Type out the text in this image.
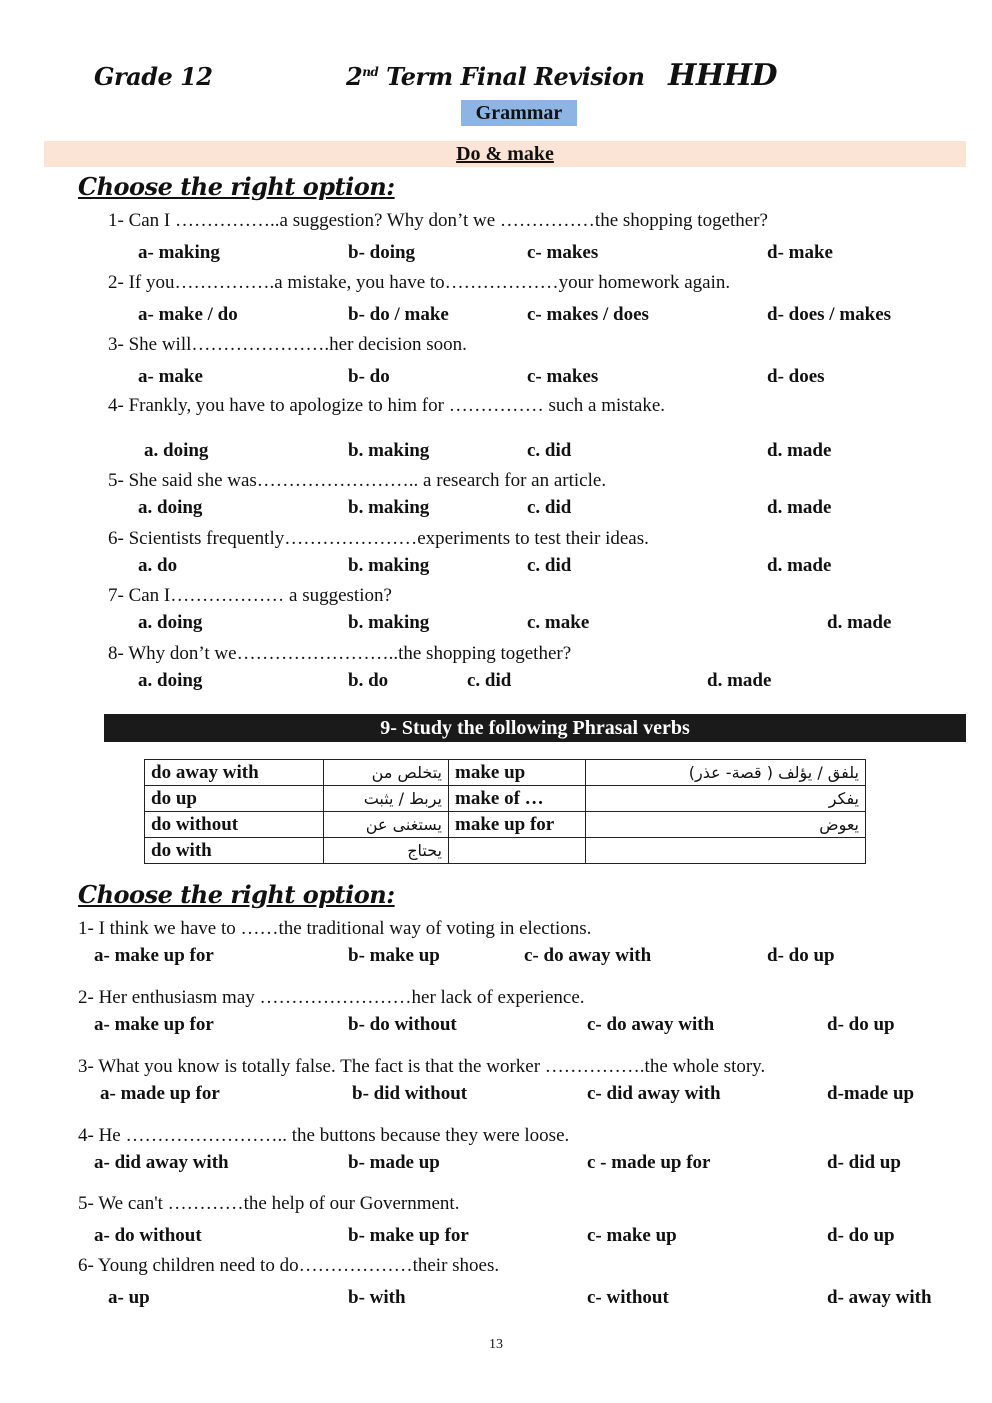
Grade 12	2nd Term Final Revision HHHD
Grammar
Do & make
Choose the right option:
1- Can I ……………..a suggestion? Why don’t we ……………the shopping together?
a- making	b- doing	c- makes	d- make
2- If you…………….a mistake, you have to………………your homework again.
a- make / do	b- do / make	c- makes / does	d- does / makes
3- She will………………….her decision soon.
a- make	b- do	c- makes	d- does
4- Frankly, you have to apologize to him for …………… such a mistake.
a. doing	b. making	c. did	d. made
5- She said she was…………………….. a research for an article.
a. doing	b. making	c. did	d. made
6- Scientists frequently…………………experiments to test their ideas.
a. do	b. making	c. did	d. made
7- Can I……………… a suggestion?
a. doing	b. making	c. make	d. made
8- Why don’t we……………………..the shopping together?
a. doing	b. do	c. did	d. made
9- Study the following Phrasal verbs
do away with	يتخلص من	make up	يلفق / يؤلف ( قصة- عذر)
do up	يربط / يثبت	make of …	يفكر
do without	يستغنى عن	make up for	يعوض
do with	يحتاج		
Choose the right option:
1- I think we have to ……the traditional way of voting in elections.
a- make up for	b- make up	c- do away with	d- do up
2- Her enthusiasm may ……………………her lack of experience.
a- make up for	b- do without	c- do away with	d- do up
3- What you know is totally false. The fact is that the worker …………….the whole story.
a- made up for	b- did without	c- did away with	d-made up
4- He …………………….. the buttons because they were loose.
a- did away with	b- made up	c - made up for	d- did up
5- We can't …………the help of our Government.
a- do without	b- make up for	c- make up	d- do up
6- Young children need to do………………their shoes.
a- up	b- with	c- without	d- away with
13
